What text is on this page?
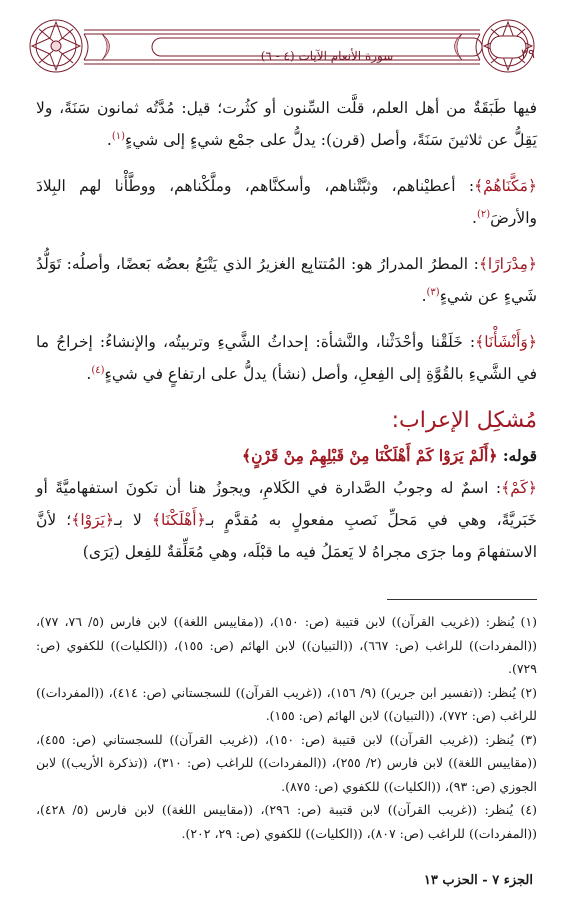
سورة الأنعام الآيات (٤ - ٦)	٣٩

فيها طَبَقَةٌ من أهل العلم، قلَّت السِّنون أو كثُرت؛ قيل: مُدَّتُه ثمانون سَنَةً، ولا يَقِلُّ عن ثلاثينَ سَنَةً، وأصل (قرن): يدلُّ على جمْع شيءٍ إلى شيءٍ$^{(١)}$.

﴿مَكَّنَاهُمْ﴾: أعطيْناهم، وثبَّتْناهم، وأسكنَّاهم، وملَّكْناهم، ووطَّأْنا لهم البِلادَ والأرضَ$^{(٢)}$.

﴿مِدْرَارًا﴾: المطرُ المدرارُ هو: المُتتابِع الغزيرُ الذي يَتْبَعُ بعضُه بَعضًا، وأصلُه: تَوَلُّدُ شَيءٍ عن شيءٍ$^{(٣)}$.

﴿وَأَنْشَأْنَا﴾: خَلَقْنا وأحْدَثْنا، والنَّشأة: إحداثُ الشَّيءِ وتربيتُه، والإنشاءُ: إخراجُ ما في الشَّيءِ بالقُوَّةِ إلى الفِعلِ، وأصل (نشأ) يدلُّ على ارتفاعٍ في شيءٍ$^{(٤)}$.

مُشكِل الإعراب:

قوله: ﴿أَلَمْ يَرَوْا كَمْ أَهْلَكْنَا مِنْ قَبْلِهِمْ مِنْ قَرْنٍ﴾

﴿كَمْ﴾: اسمٌ له وجوبُ الصَّدارة في الكَلامِ، ويجوزُ هنا أن تكونَ استفهاميَّةً أو خَبَريَّةً، وهي في مَحلِّ نَصبِ مفعولٍ به مُقدَّمٍ بـ﴿أَهْلَكْنَا﴾ لا بـ﴿يَرَوْا﴾؛ لأنَّ الاستفهامَ وما جرَى مجراهُ لا يَعمَلُ فيه ما قبْلَه، وهي مُعَلِّقةٌ للفِعل (يَرَى)

(١) يُنظر: ((غريب القرآن)) لابن قتيبة (ص: ١٥٠)، ((مقاييس اللغة)) لابن فارس (٥/ ٧٦، ٧٧)، ((المفردات)) للراغب (ص: ٦٦٧)، ((التبيان)) لابن الهائم (ص: ١٥٥)، ((الكليات)) للكفوي (ص: ٧٢٩).

(٢) يُنظر: ((تفسير ابن جرير)) (٩/ ١٥٦)، ((غريب القرآن)) للسجستاني (ص: ٤١٤)، ((المفردات)) للراغب (ص: ٧٧٢)، ((التبيان)) لابن الهائم (ص: ١٥٥).

(٣) يُنظر: ((غريب القرآن)) لابن قتيبة (ص: ١٥٠)، ((غريب القرآن)) للسجستاني (ص: ٤٥٥)، ((مقاييس اللغة)) لابن فارس (٢/ ٢٥٥)، ((المفردات)) للراغب (ص: ٣١٠)، ((تذكرة الأريب)) لابن الجوزي (ص: ٩٣)، ((الكليات)) للكفوي (ص: ٨٧٥).

(٤) يُنظر: ((غريب القرآن)) لابن قتيبة (ص: ٢٩٦)، ((مقاييس اللغة)) لابن فارس (٥/ ٤٢٨)، ((المفردات)) للراغب (ص: ٨٠٧)، ((الكليات)) للكفوي (ص: ٢٩، ٢٠٢).

الجزء ٧ - الحزب ١٣
